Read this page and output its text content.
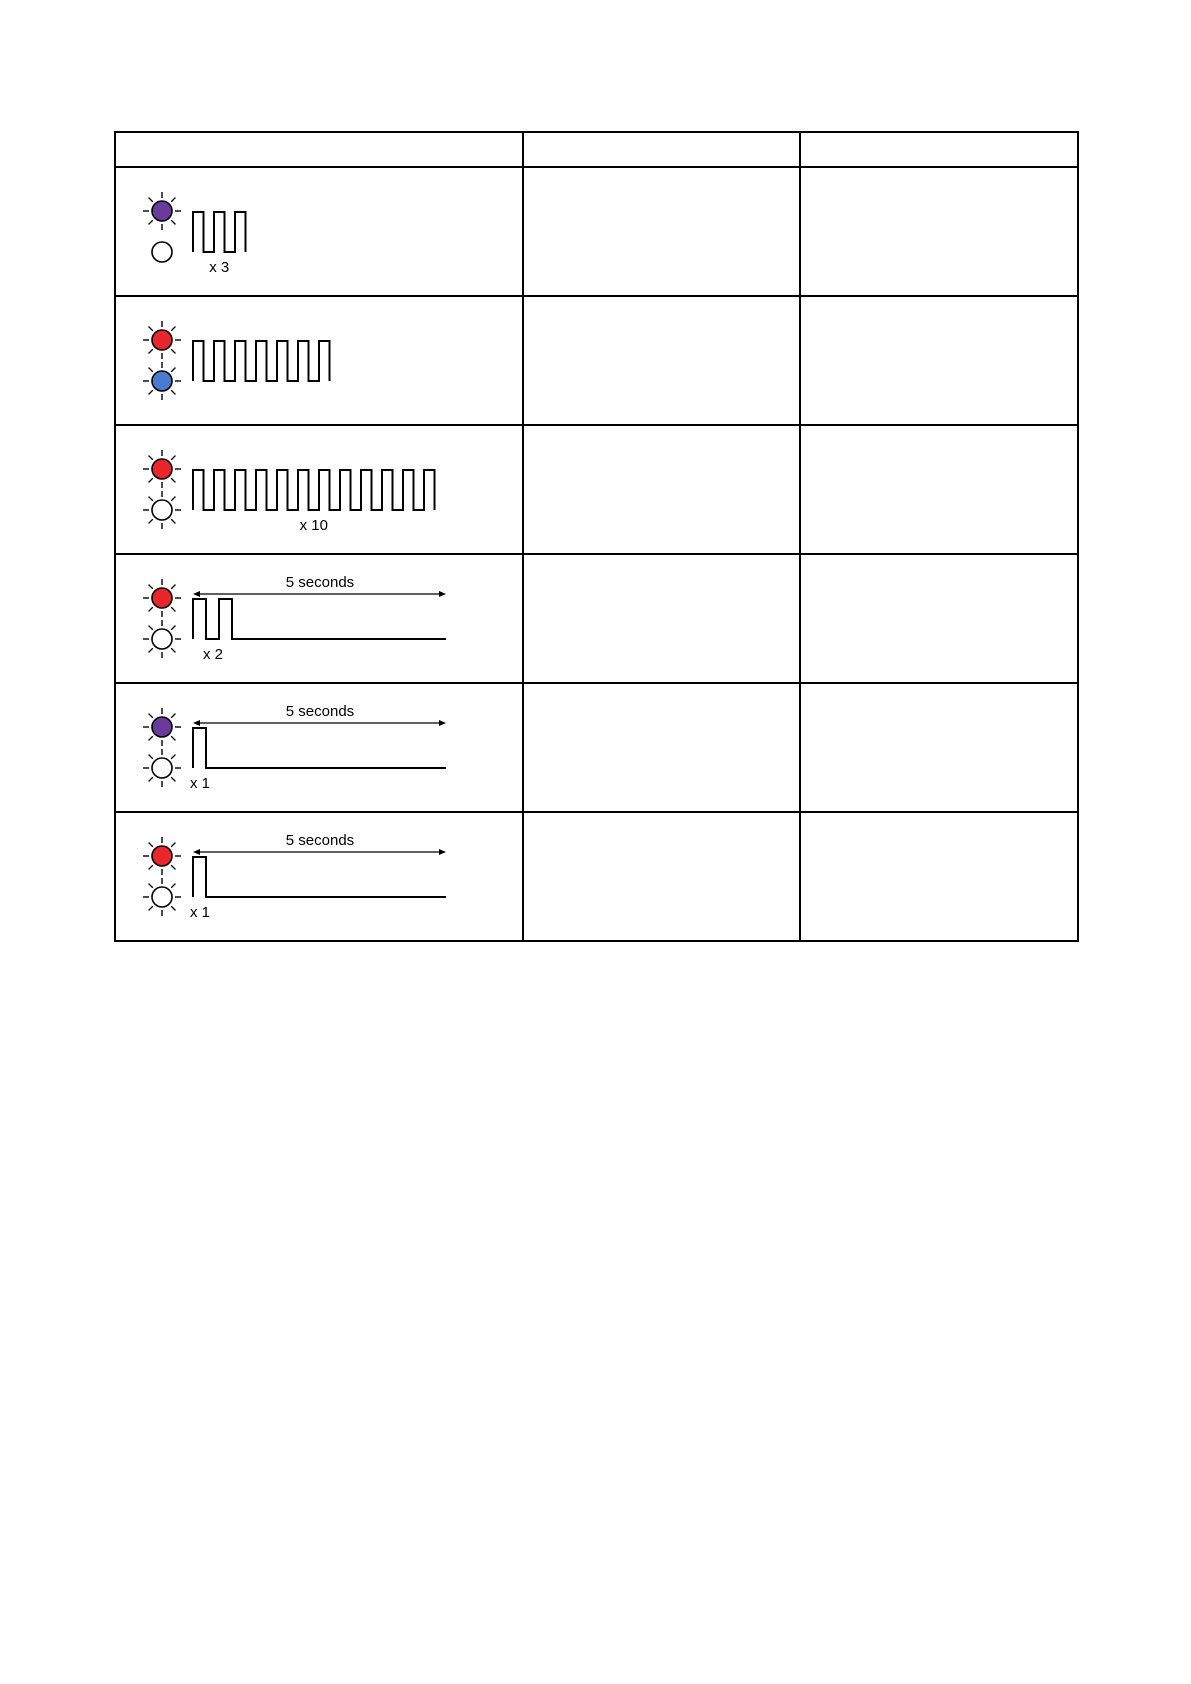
x 3		

x 10		

5 seconds
x 2		

5 seconds
x 1		

5 seconds
x 1		
